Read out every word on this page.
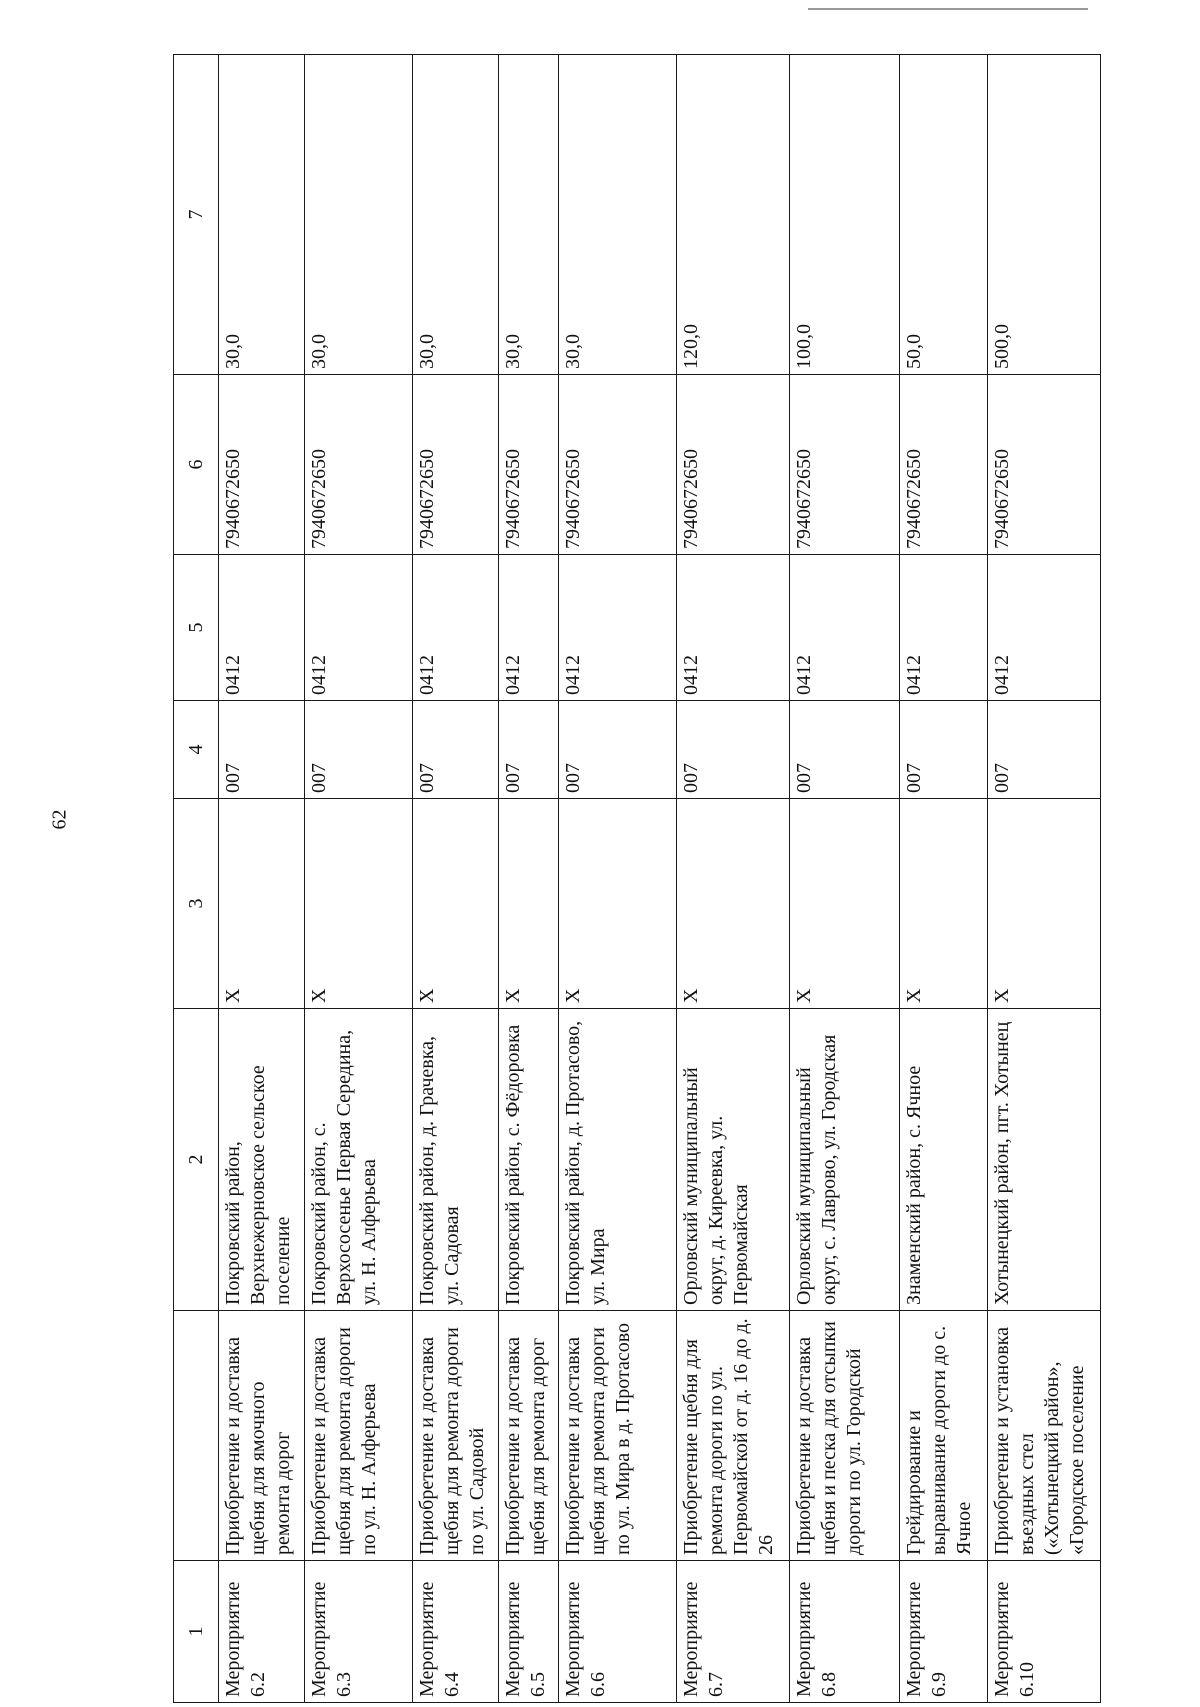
62
1		2	3	4	5	6	7
Мероприятие 6.2	Приобретение и доставка щебня для ямочного ремонта дорог	Покровский район, Верхнежерновское сельское поселение	Х	007	0412	7940672650	30,0
Мероприятие 6.3	Приобретение и доставка щебня для ремонта дороги по ул. Н. Алферьева	Покровский район, с. Верхососенье Первая Середина, ул. Н. Алферьева	Х	007	0412	7940672650	30,0
Мероприятие 6.4	Приобретение и доставка щебня для ремонта дороги по ул. Садовой	Покровский район, д. Грачевка, ул. Садовая	Х	007	0412	7940672650	30,0
Мероприятие 6.5	Приобретение и доставка щебня для ремонта дорог	Покровский район, с. Фёдоровка	Х	007	0412	7940672650	30,0
Мероприятие 6.6	Приобретение и доставка щебня для ремонта дороги по ул. Мира в д. Протасово	Покровский район, д. Протасово, ул. Мира	Х	007	0412	7940672650	30,0
Мероприятие 6.7	Приобретение щебня для ремонта дороги по ул. Первомайской от д. 16 до д. 26	Орловский муниципальный округ, д. Киреевка, ул. Первомайская	Х	007	0412	7940672650	120,0
Мероприятие 6.8	Приобретение и доставка щебня и песка для отсыпки дороги по ул. Городской	Орловский муниципальный округ, с. Лаврово, ул. Городская	Х	007	0412	7940672650	100,0
Мероприятие 6.9	Грейдирование и выравнивание дороги до с. Ячное	Знаменский район, с. Ячное	Х	007	0412	7940672650	50,0
Мероприятие 6.10	Приобретение и установка въездных стел («Хотынецкий район», «Городское поселение	Хотынецкий район, пгт. Хотынец	Х	007	0412	7940672650	500,0
